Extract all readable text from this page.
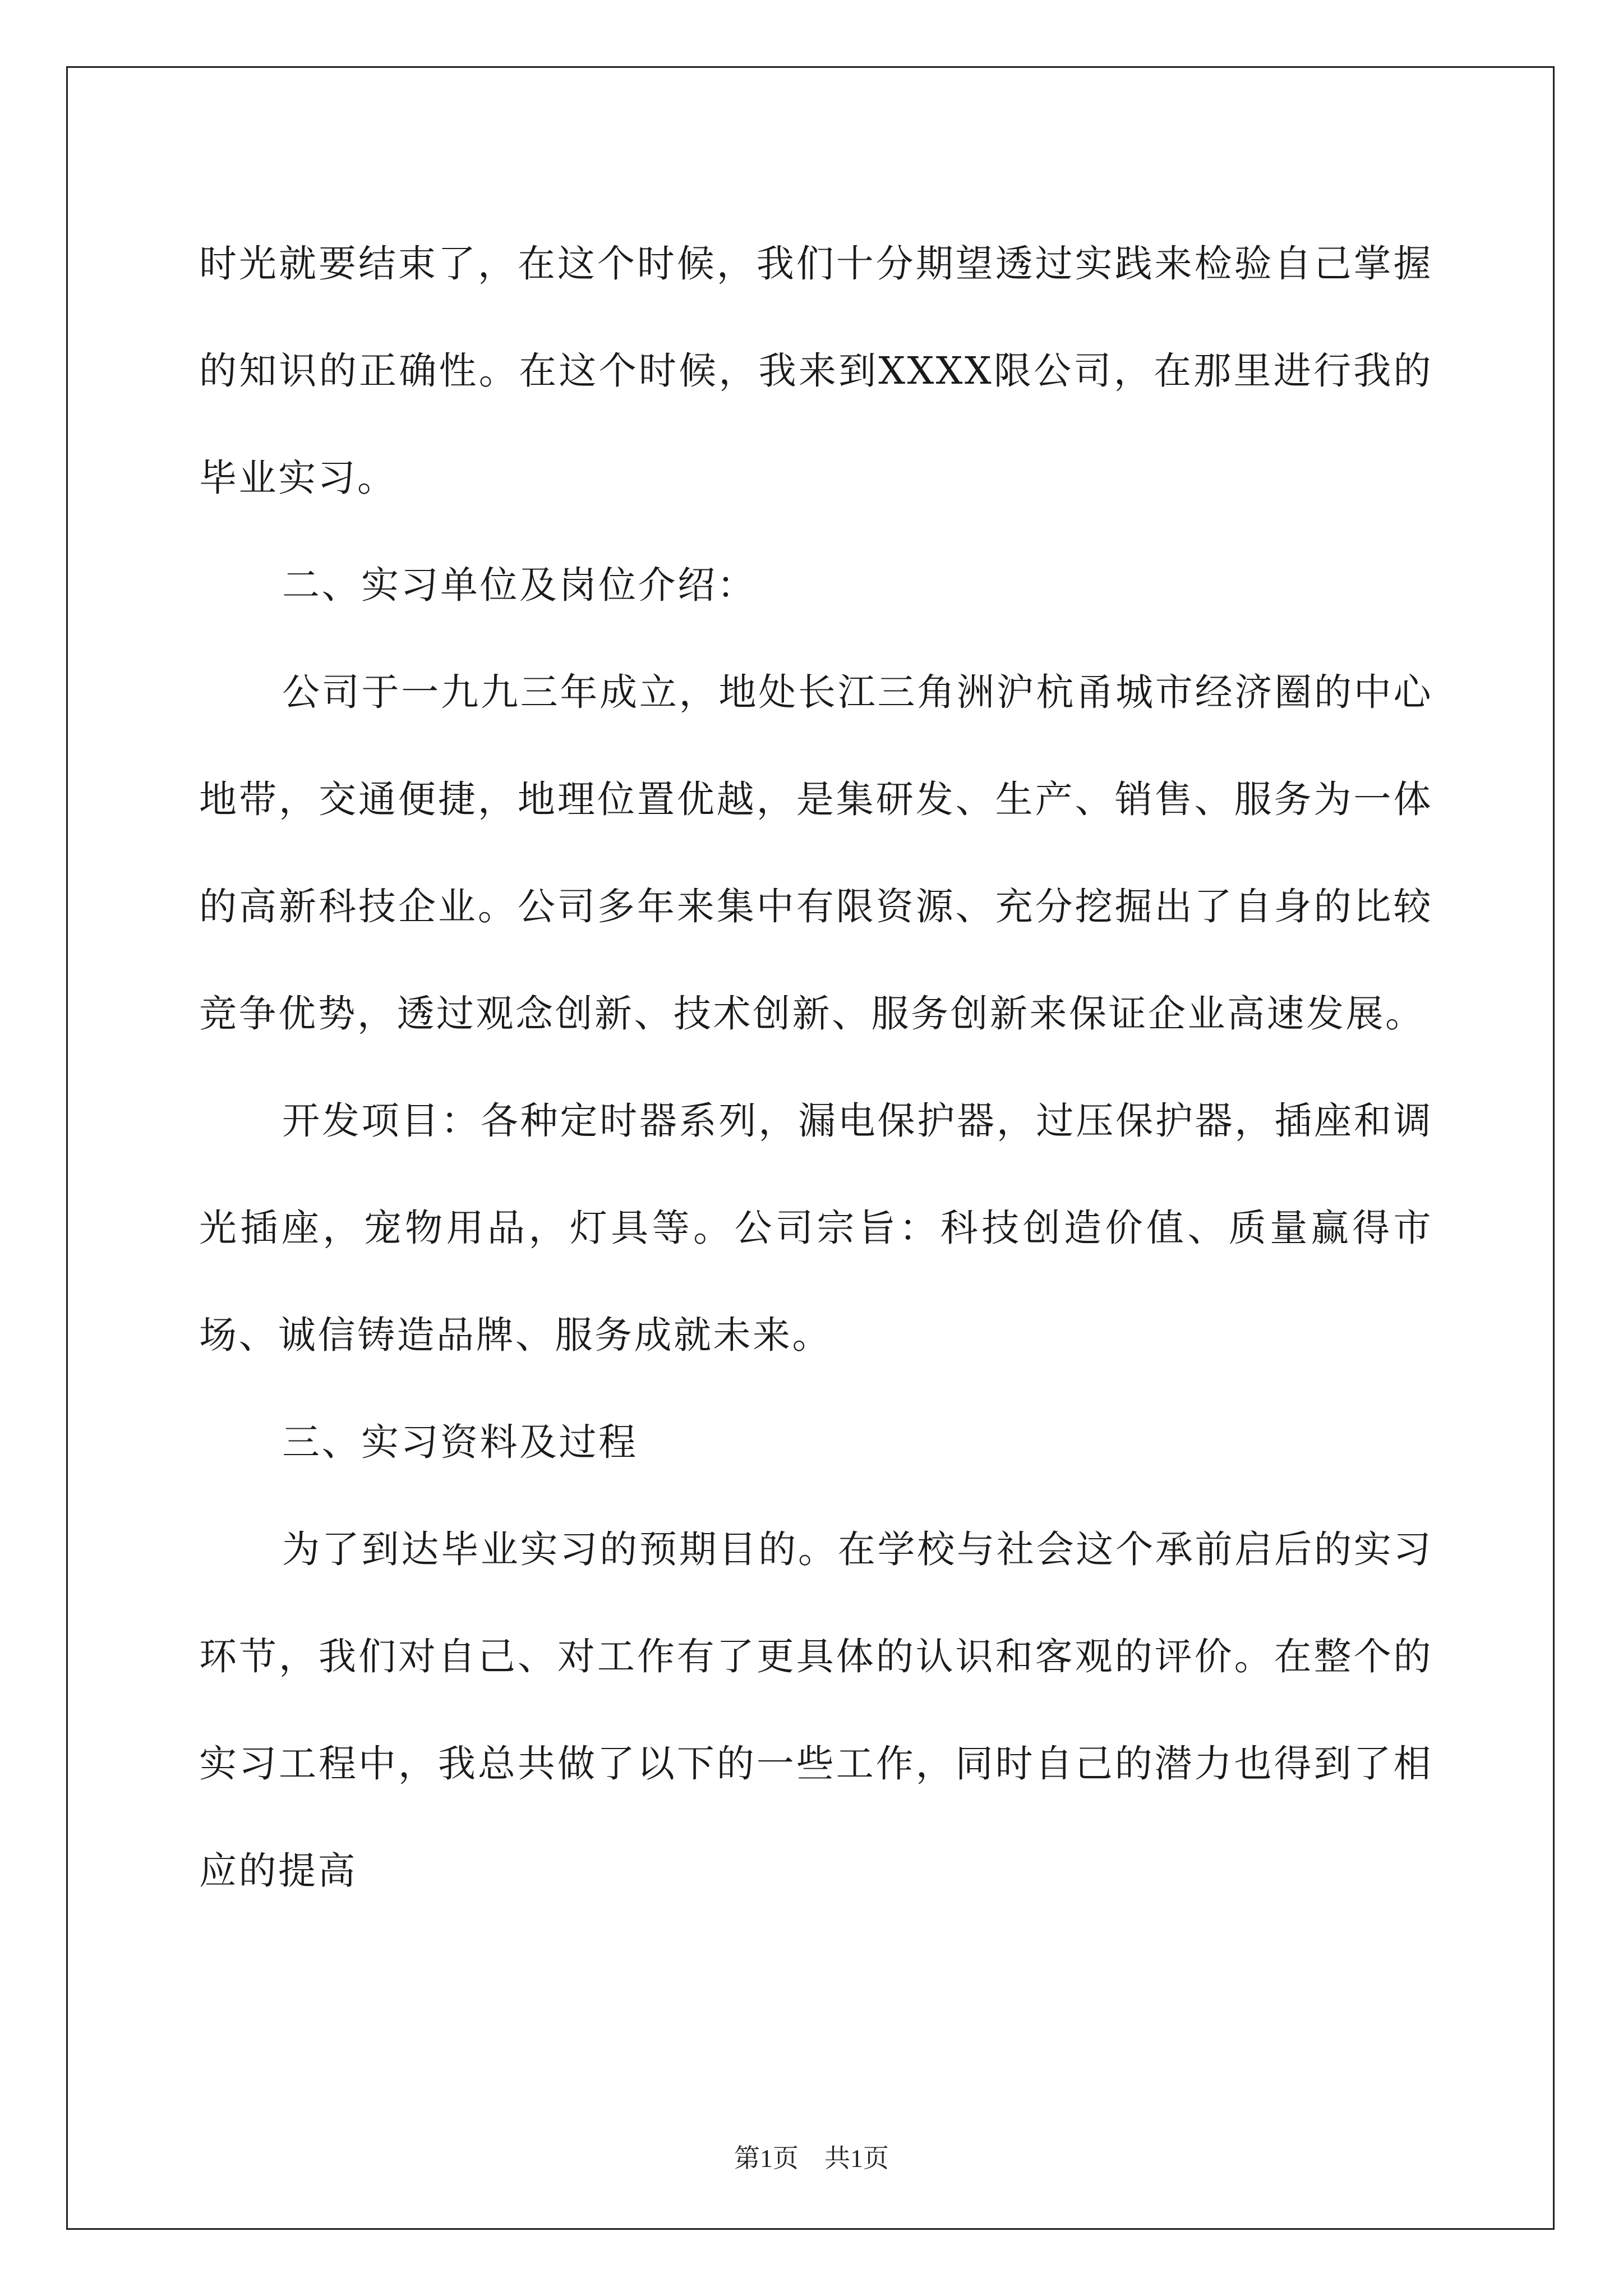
时光就要结束了，在这个时候，我们十分期望透过实践来检验自己掌握的知识的正确性。在这个时候，我来到XXXX限公司，在那里进行我的毕业实习。

二、实习单位及岗位介绍：

公司于一九九三年成立，地处长江三角洲沪杭甬城市经济圈的中心地带，交通便捷，地理位置优越，是集研发、生产、销售、服务为一体的高新科技企业。公司多年来集中有限资源、充分挖掘出了自身的比较竞争优势，透过观念创新、技术创新、服务创新来保证企业高速发展。

开发项目：各种定时器系列，漏电保护器，过压保护器，插座和调光插座，宠物用品，灯具等。公司宗旨：科技创造价值、质量赢得市场、诚信铸造品牌、服务成就未来。

三、实习资料及过程

为了到达毕业实习的预期目的。在学校与社会这个承前启后的实习环节，我们对自己、对工作有了更具体的认识和客观的评价。在整个的实习工程中，我总共做了以下的一些工作，同时自己的潜力也得到了相应的提高

第1页 共1页
